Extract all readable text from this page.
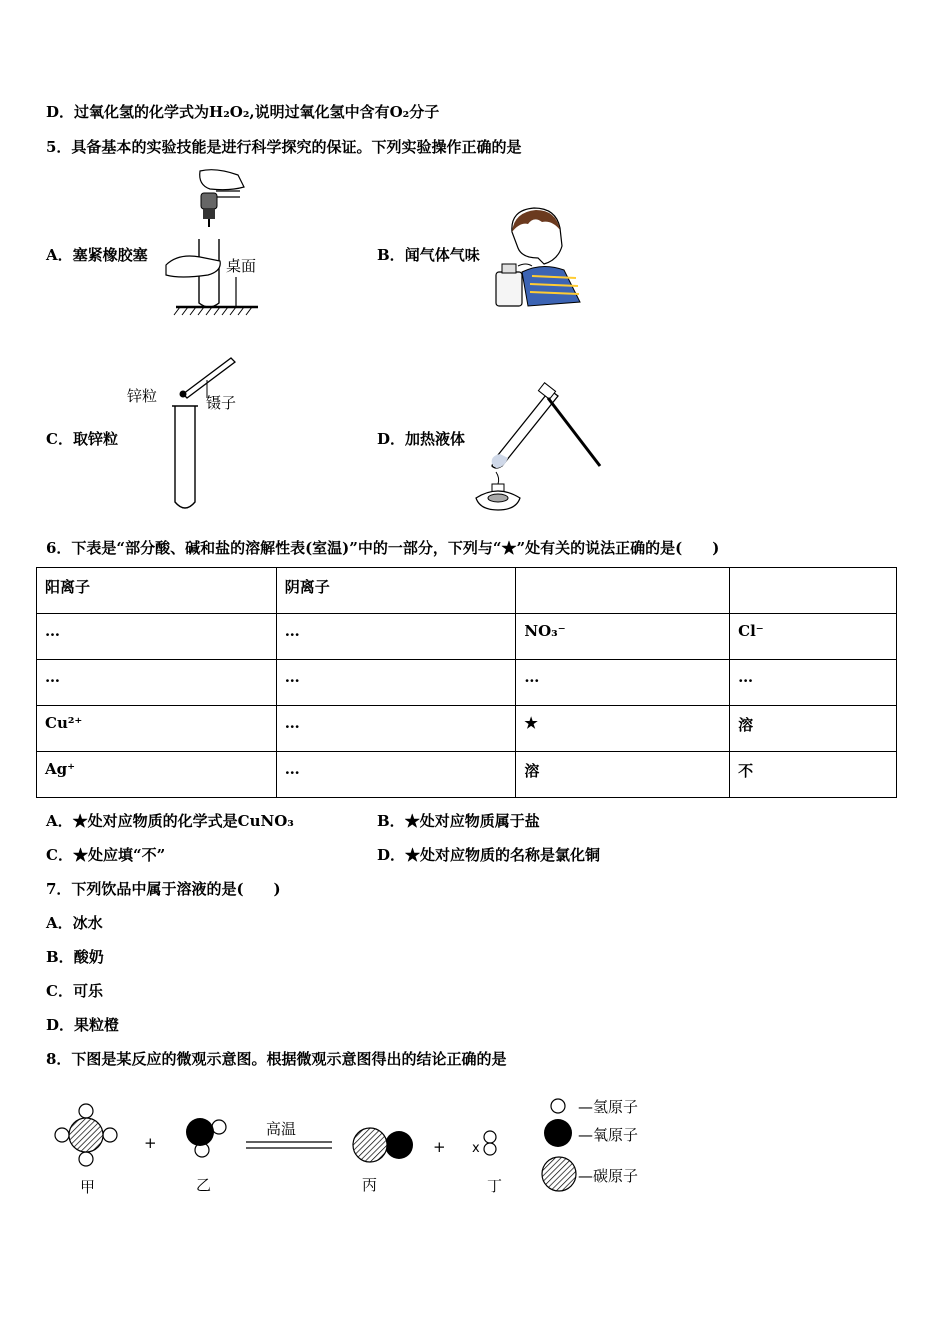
D．过氧化氢的化学式为H₂O₂,说明过氧化氢中含有O₂分子
5．具备基本的实验技能是进行科学探究的保证。下列实验操作正确的是
A．塞紧橡胶塞	B．闻气体气味
C．取锌粒	D．加热液体
桌面
锌粒	镊子
6．下表是“部分酸、碱和盐的溶解性表(室温)”中的一部分，下列与“★”处有关的说法正确的是(　　)
阳离子	阴离子		
…	…	NO₃⁻	Cl⁻
…	…	…	…
Cu²⁺	…	★	溶
Ag⁺	…	溶	不
A．★处对应物质的化学式是CuNO₃	B．★处对应物质属于盐
C．★处应填“不”	D．★处对应物质的名称是氯化铜
7．下列饮品中属于溶液的是(　　)
A．冰水
B．酸奶
C．可乐
D．果粒橙
8．下图是某反应的微观示意图。根据微观示意图得出的结论正确的是
+
高温
+ x
甲	乙	丙	丁
—氢原子
—氧原子
—碳原子
